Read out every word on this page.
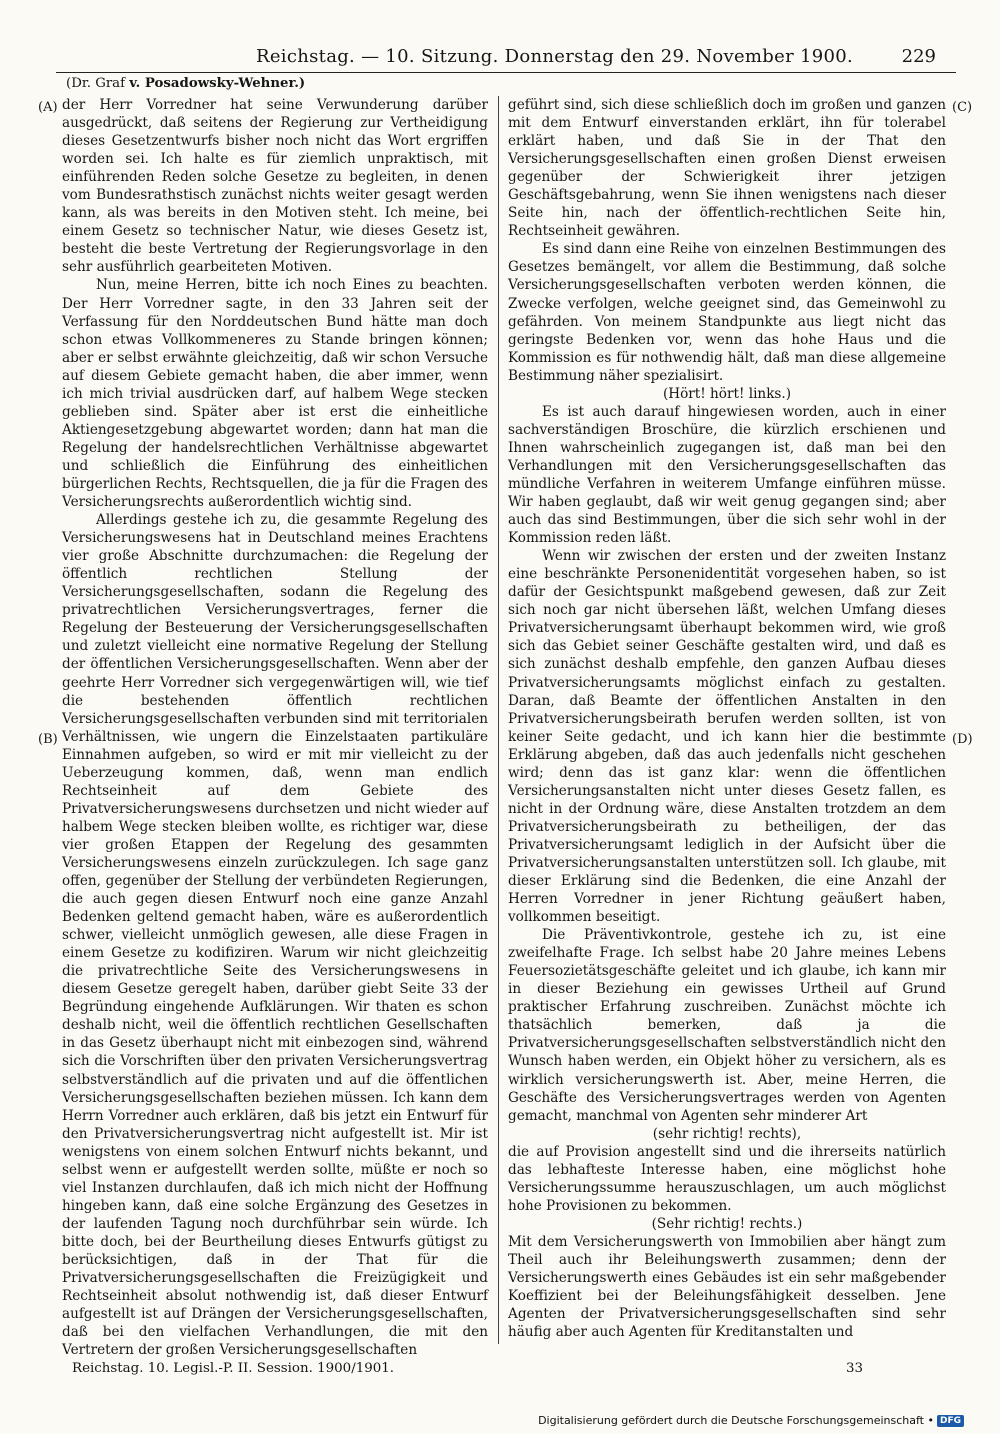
Reichstag. — 10. Sitzung. Donnerstag den 29. November 1900.	229
(Dr. Graf v. Posadowsky-Wehner.)
(A)
(B)
(C)
(D)

der Herr Vorredner hat seine Verwunderung darüber ausgedrückt, daß seitens der Regierung zur Vertheidigung dieses Gesetzentwurfs bisher noch nicht das Wort ergriffen worden sei. Ich halte es für ziemlich unpraktisch, mit einführenden Reden solche Gesetze zu begleiten, in denen vom Bundesrathstisch zunächst nichts weiter gesagt werden kann, als was bereits in den Motiven steht. Ich meine, bei einem Gesetz so technischer Natur, wie dieses Gesetz ist, besteht die beste Vertretung der Regierungsvorlage in den sehr ausführlich gearbeiteten Motiven.

Nun, meine Herren, bitte ich noch Eines zu beachten. Der Herr Vorredner sagte, in den 33 Jahren seit der Verfassung für den Norddeutschen Bund hätte man doch schon etwas Vollkommeneres zu Stande bringen können; aber er selbst erwähnte gleichzeitig, daß wir schon Versuche auf diesem Gebiete gemacht haben, die aber immer, wenn ich mich trivial ausdrücken darf, auf halbem Wege stecken geblieben sind. Später aber ist erst die einheitliche Aktiengesetzgebung abgewartet worden; dann hat man die Regelung der handelsrechtlichen Verhältnisse abgewartet und schließlich die Einführung des einheitlichen bürgerlichen Rechts, Rechtsquellen, die ja für die Fragen des Versicherungsrechts außerordentlich wichtig sind.

Allerdings gestehe ich zu, die gesammte Regelung des Versicherungswesens hat in Deutschland meines Erachtens vier große Abschnitte durchzumachen: die Regelung der öffentlich rechtlichen Stellung der Versicherungsgesellschaften, sodann die Regelung des privatrechtlichen Versicherungsvertrages, ferner die Regelung der Besteuerung der Versicherungsgesellschaften und zuletzt vielleicht eine normative Regelung der Stellung der öffentlichen Versicherungsgesellschaften. Wenn aber der geehrte Herr Vorredner sich vergegenwärtigen will, wie tief die bestehenden öffentlich rechtlichen Versicherungsgesellschaften verbunden sind mit territorialen Verhältnissen, wie ungern die Einzelstaaten partikuläre Einnahmen aufgeben, so wird er mit mir vielleicht zu der Ueberzeugung kommen, daß, wenn man endlich Rechtseinheit auf dem Gebiete des Privatversicherungswesens durchsetzen und nicht wieder auf halbem Wege stecken bleiben wollte, es richtiger war, diese vier großen Etappen der Regelung des gesammten Versicherungswesens einzeln zurückzulegen. Ich sage ganz offen, gegenüber der Stellung der verbündeten Regierungen, die auch gegen diesen Entwurf noch eine ganze Anzahl Bedenken geltend gemacht haben, wäre es außerordentlich schwer, vielleicht unmöglich gewesen, alle diese Fragen in einem Gesetze zu kodifiziren. Warum wir nicht gleichzeitig die privatrechtliche Seite des Versicherungswesens in diesem Gesetze geregelt haben, darüber giebt Seite 33 der Begründung eingehende Aufklärungen. Wir thaten es schon deshalb nicht, weil die öffentlich rechtlichen Gesellschaften in das Gesetz überhaupt nicht mit einbezogen sind, während sich die Vorschriften über den privaten Versicherungsvertrag selbstverständlich auf die privaten und auf die öffentlichen Versicherungsgesellschaften beziehen müssen. Ich kann dem Herrn Vorredner auch erklären, daß bis jetzt ein Entwurf für den Privatversicherungsvertrag nicht aufgestellt ist. Mir ist wenigstens von einem solchen Entwurf nichts bekannt, und selbst wenn er aufgestellt werden sollte, müßte er noch so viel Instanzen durchlaufen, daß ich mich nicht der Hoffnung hingeben kann, daß eine solche Ergänzung des Gesetzes in der laufenden Tagung noch durchführbar sein würde. Ich bitte doch, bei der Beurtheilung dieses Entwurfs gütigst zu berücksichtigen, daß in der That für die Privatversicherungsgesellschaften die Freizügigkeit und Rechtseinheit absolut nothwendig ist, daß dieser Entwurf aufgestellt ist auf Drängen der Versicherungsgesellschaften, daß bei den vielfachen Verhandlungen, die mit den Vertretern der großen Versicherungsgesellschaften

geführt sind, sich diese schließlich doch im großen und ganzen mit dem Entwurf einverstanden erklärt, ihn für tolerabel erklärt haben, und daß Sie in der That den Versicherungsgesellschaften einen großen Dienst erweisen gegenüber der Schwierigkeit ihrer jetzigen Geschäftsgebahrung, wenn Sie ihnen wenigstens nach dieser Seite hin, nach der öffentlich-rechtlichen Seite hin, Rechtseinheit gewähren.

Es sind dann eine Reihe von einzelnen Bestimmungen des Gesetzes bemängelt, vor allem die Bestimmung, daß solche Versicherungsgesellschaften verboten werden können, die Zwecke verfolgen, welche geeignet sind, das Gemeinwohl zu gefährden. Von meinem Standpunkte aus liegt nicht das geringste Bedenken vor, wenn das hohe Haus und die Kommission es für nothwendig hält, daß man diese allgemeine Bestimmung näher spezialisirt.

(Hört! hört! links.)

Es ist auch darauf hingewiesen worden, auch in einer sachverständigen Broschüre, die kürzlich erschienen und Ihnen wahrscheinlich zugegangen ist, daß man bei den Verhandlungen mit den Versicherungsgesellschaften das mündliche Verfahren in weiterem Umfange einführen müsse. Wir haben geglaubt, daß wir weit genug gegangen sind; aber auch das sind Bestimmungen, über die sich sehr wohl in der Kommission reden läßt.

Wenn wir zwischen der ersten und der zweiten Instanz eine beschränkte Personenidentität vorgesehen haben, so ist dafür der Gesichtspunkt maßgebend gewesen, daß zur Zeit sich noch gar nicht übersehen läßt, welchen Umfang dieses Privatversicherungsamt überhaupt bekommen wird, wie groß sich das Gebiet seiner Geschäfte gestalten wird, und daß es sich zunächst deshalb empfehle, den ganzen Aufbau dieses Privatversicherungsamts möglichst einfach zu gestalten. Daran, daß Beamte der öffentlichen Anstalten in den Privatversicherungsbeirath berufen werden sollten, ist von keiner Seite gedacht, und ich kann hier die bestimmte Erklärung abgeben, daß das auch jedenfalls nicht geschehen wird; denn das ist ganz klar: wenn die öffentlichen Versicherungsanstalten nicht unter dieses Gesetz fallen, es nicht in der Ordnung wäre, diese Anstalten trotzdem an dem Privatversicherungsbeirath zu betheiligen, der das Privatversicherungsamt lediglich in der Aufsicht über die Privatversicherungsanstalten unterstützen soll. Ich glaube, mit dieser Erklärung sind die Bedenken, die eine Anzahl der Herren Vorredner in jener Richtung geäußert haben, vollkommen beseitigt.

Die Präventivkontrole, gestehe ich zu, ist eine zweifelhafte Frage. Ich selbst habe 20 Jahre meines Lebens Feuersozietätsgeschäfte geleitet und ich glaube, ich kann mir in dieser Beziehung ein gewisses Urtheil auf Grund praktischer Erfahrung zuschreiben. Zunächst möchte ich thatsächlich bemerken, daß ja die Privatversicherungsgesellschaften selbstverständlich nicht den Wunsch haben werden, ein Objekt höher zu versichern, als es wirklich versicherungswerth ist. Aber, meine Herren, die Geschäfte des Versicherungsvertrages werden von Agenten gemacht, manchmal von Agenten sehr minderer Art

(sehr richtig! rechts),

die auf Provision angestellt sind und die ihrerseits natürlich das lebhafteste Interesse haben, eine möglichst hohe Versicherungssumme herauszuschlagen, um auch möglichst hohe Provisionen zu bekommen.

(Sehr richtig! rechts.)

Mit dem Versicherungswerth von Immobilien aber hängt zum Theil auch ihr Beleihungswerth zusammen; denn der Versicherungswerth eines Gebäudes ist ein sehr maßgebender Koeffizient bei der Beleihungsfähigkeit desselben. Jene Agenten der Privatversicherungsgesellschaften sind sehr häufig aber auch Agenten für Kreditanstalten und

Reichstag. 10. Legisl.-P. II. Session. 1900/1901.	33
Digitalisierung gefördert durch die Deutsche Forschungsgemeinschaft • DFG
